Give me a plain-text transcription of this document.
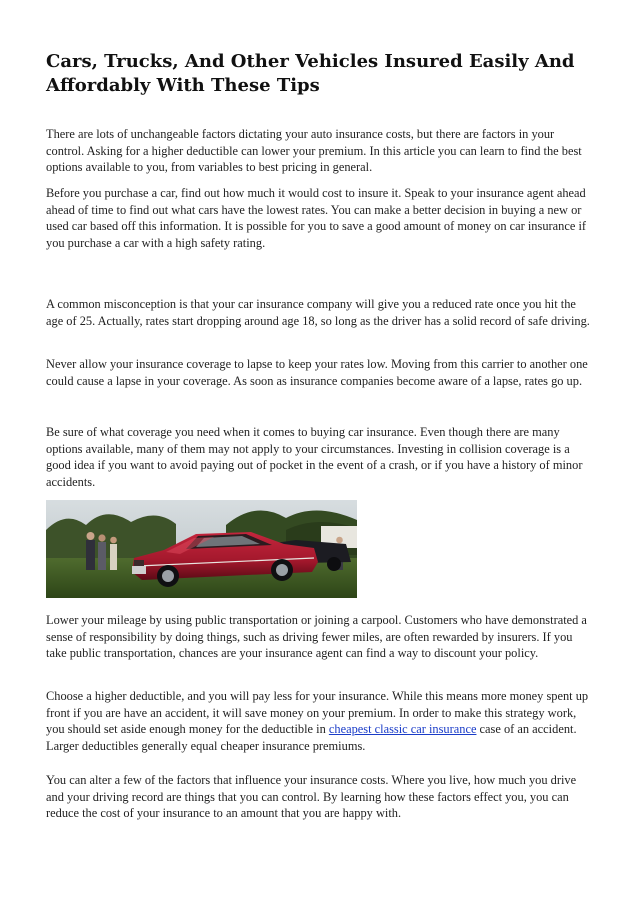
Cars, Trucks, And Other Vehicles Insured Easily And Affordably With These Tips

There are lots of unchangeable factors dictating your auto insurance costs, but there are factors in your control. Asking for a higher deductible can lower your premium. In this article you can learn to find the best options available to you, from variables to best pricing in general.

Before you purchase a car, find out how much it would cost to insure it. Speak to your insurance agent ahead ahead of time to find out what cars have the lowest rates. You can make a better decision in buying a new or used car based off this information. It is possible for you to save a good amount of money on car insurance if you purchase a car with a high safety rating.

A common misconception is that your car insurance company will give you a reduced rate once you hit the age of 25. Actually, rates start dropping around age 18, so long as the driver has a solid record of safe driving.

Never allow your insurance coverage to lapse to keep your rates low. Moving from this carrier to another one could cause a lapse in your coverage. As soon as insurance companies become aware of a lapse, rates go up.

Be sure of what coverage you need when it comes to buying car insurance. Even though there are many options available, many of them may not apply to your circumstances. Investing in collision coverage is a good idea if you want to avoid paying out of pocket in the event of a crash, or if you have a history of minor accidents.

Lower your mileage by using public transportation or joining a carpool. Customers who have demonstrated a sense of responsibility by doing things, such as driving fewer miles, are often rewarded by insurers. If you take public transportation, chances are your insurance agent can find a way to discount your policy.

Choose a higher deductible, and you will pay less for your insurance. While this means more money spent up front if you are have an accident, it will save money on your premium. In order to make this strategy work, you should set aside enough money for the deductible in cheapest classic car insurance case of an accident. Larger deductibles generally equal cheaper insurance premiums.

You can alter a few of the factors that influence your insurance costs. Where you live, how much you drive and your driving record are things that you can control. By learning how these factors effect you, you can reduce the cost of your insurance to an amount that you are happy with.
